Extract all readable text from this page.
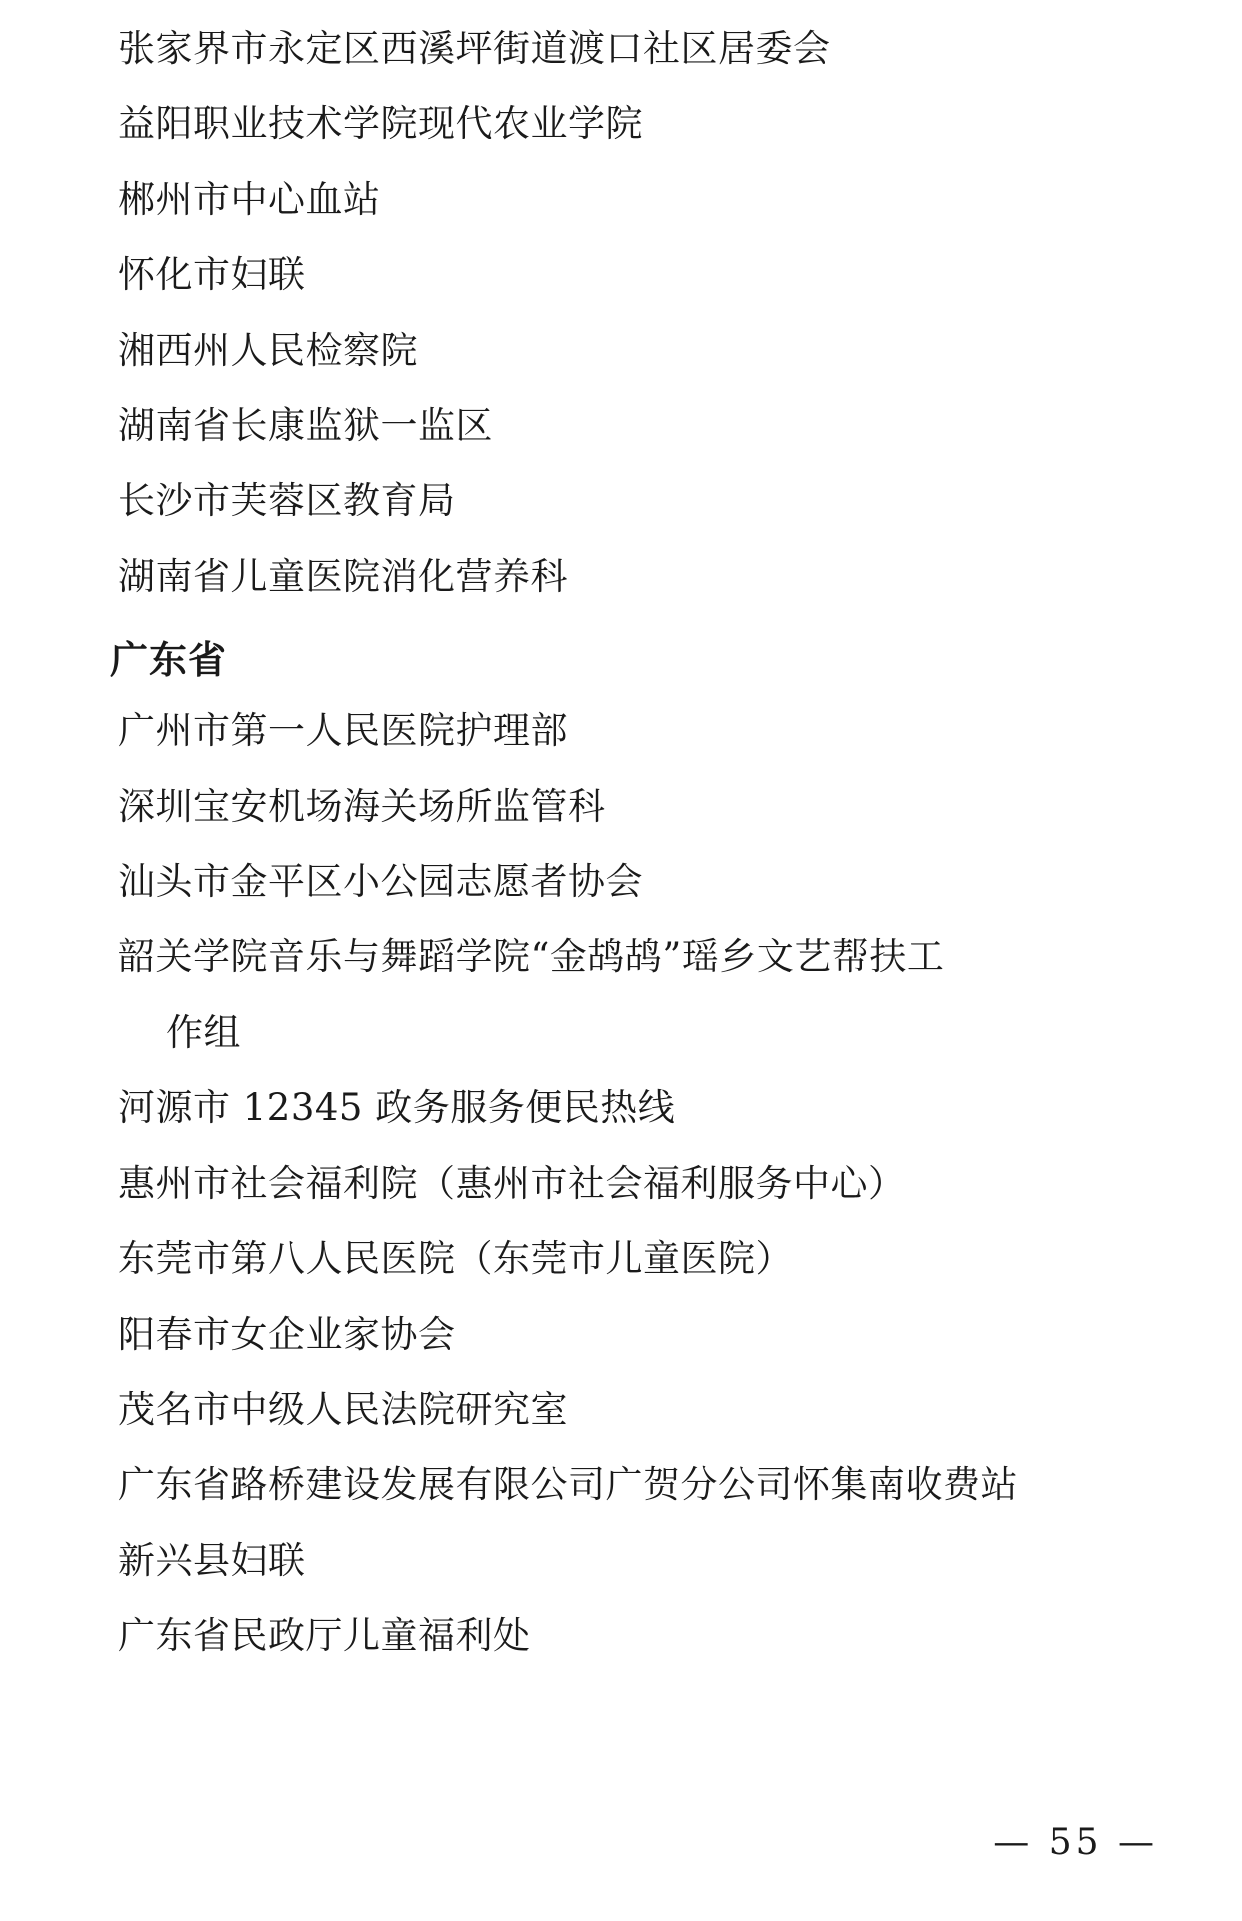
张家界市永定区西溪坪街道渡口社区居委会

益阳职业技术学院现代农业学院

郴州市中心血站

怀化市妇联

湘西州人民检察院

湖南省长康监狱一监区

长沙市芙蓉区教育局

湖南省儿童医院消化营养科

广东省

广州市第一人民医院护理部

深圳宝安机场海关场所监管科

汕头市金平区小公园志愿者协会

韶关学院音乐与舞蹈学院“金鸪鸪”瑶乡文艺帮扶工

作组

河源市 12345 政务服务便民热线

惠州市社会福利院（惠州市社会福利服务中心）

东莞市第八人民医院（东莞市儿童医院）

阳春市女企业家协会

茂名市中级人民法院研究室

广东省路桥建设发展有限公司广贺分公司怀集南收费站

新兴县妇联

广东省民政厅儿童福利处

— 55 —
